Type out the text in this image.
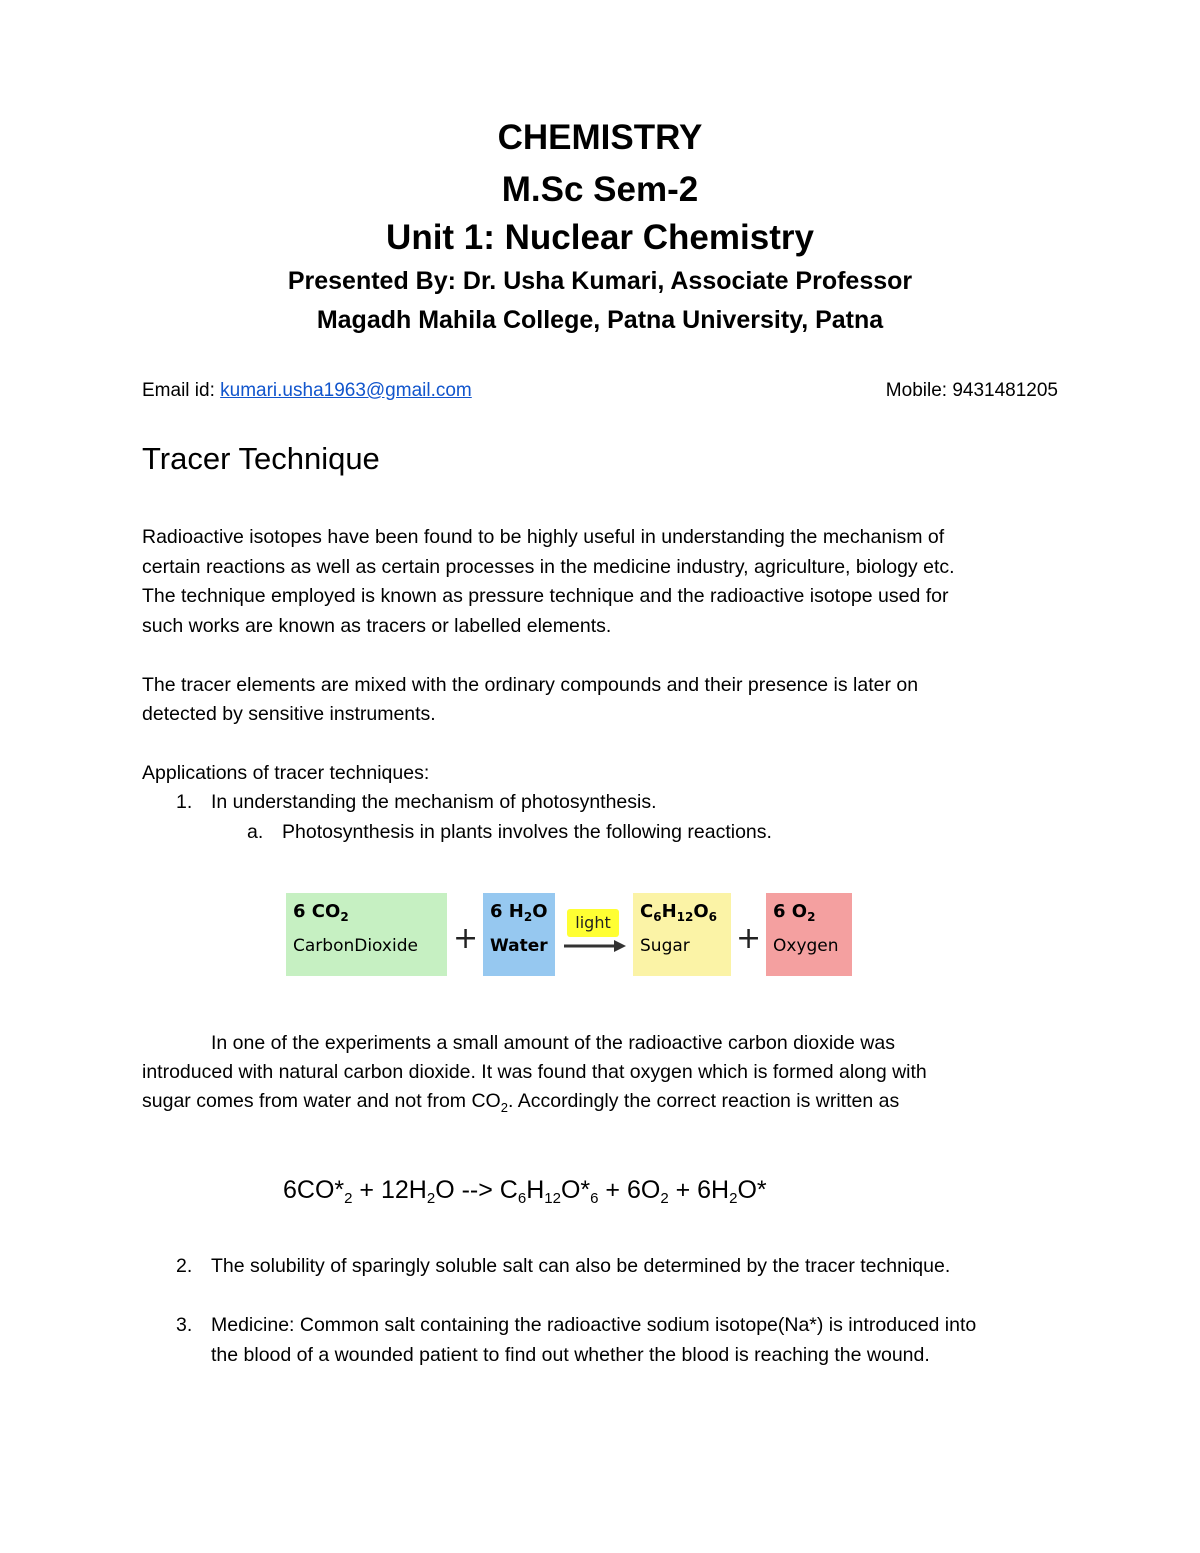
CHEMISTRY
M.Sc Sem-2
Unit 1: Nuclear Chemistry
Presented By: Dr. Usha Kumari, Associate Professor
Magadh Mahila College, Patna University, Patna
Email id: kumari.usha1963@gmail.com	Mobile: 9431481205
Tracer Technique
Radioactive isotopes have been found to be highly useful in understanding the mechanism of
certain reactions as well as certain processes in the medicine industry, agriculture, biology etc.
The technique employed is known as pressure technique and the radioactive isotope used for
such works are known as tracers or labelled elements.
The tracer elements are mixed with the ordinary compounds and their presence is later on
detected by sensitive instruments.
Applications of tracer techniques:
1. In understanding the mechanism of photosynthesis.
a. Photosynthesis in plants involves the following reactions.
6 $CO_2$
CarbonDioxide	+
6 $H_2O$
Water
light
$C_6H_{12}O_6$
Sugar	+
6 $O_2$
Oxygen
In one of the experiments a small amount of the radioactive carbon dioxide was
introduced with natural carbon dioxide. It was found that oxygen which is formed along with
sugar comes from water and not from $CO_2$. Accordingly the correct reaction is written as
$6CO*_2 + 12H_2O$ --> $C_6H_{12}O*_6 + 6O_2 + 6H_2O*$
2. The solubility of sparingly soluble salt can also be determined by the tracer technique.
3. Medicine: Common salt containing the radioactive sodium isotope(Na*) is introduced into
the blood of a wounded patient to find out whether the blood is reaching the wound.
